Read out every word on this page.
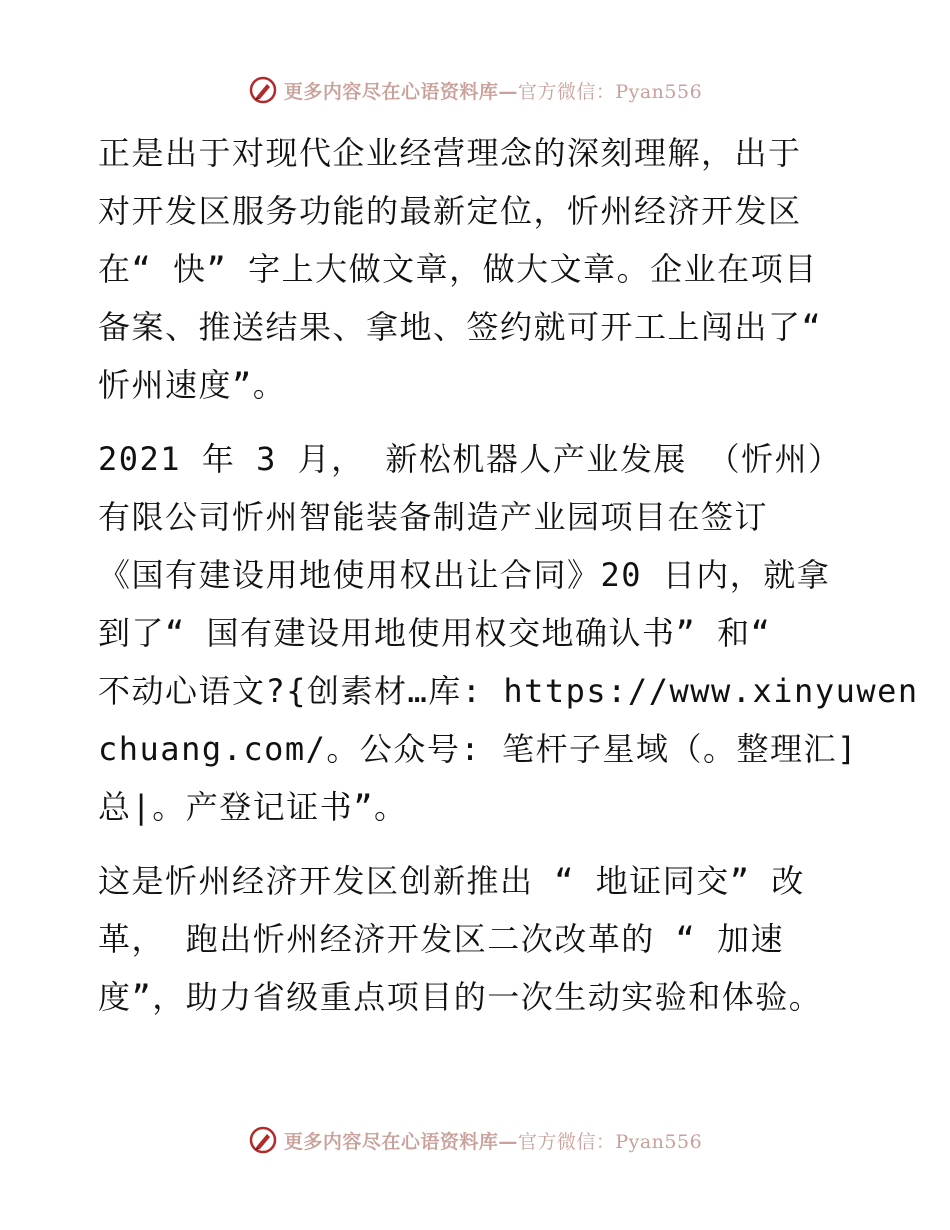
更多内容尽在心语资料库—官方微信：Pyan556
正是出于对现代企业经营理念的深刻理解，出于
对开发区服务功能的最新定位，忻州经济开发区
在“ 快” 字上大做文章，做大文章。企业在项目
备案、推送结果、拿地、签约就可开工上闯出了“
忻州速度”。
2021 年 3 月， 新松机器人产业发展 （忻州）
有限公司忻州智能装备制造产业园项目在签订
《国有建设用地使用权出让合同》20 日内，就拿
到了“ 国有建设用地使用权交地确认书” 和“
不动心语文?{创素材…库: https://www.xinyuwen
chuang.com/。公众号: 笔杆子星域（。整理汇]
总|。产登记证书”。
这是忻州经济开发区创新推出 “ 地证同交” 改
革， 跑出忻州经济开发区二次改革的 “ 加速
度”，助力省级重点项目的一次生动实验和体验。
更多内容尽在心语资料库—官方微信：Pyan556
